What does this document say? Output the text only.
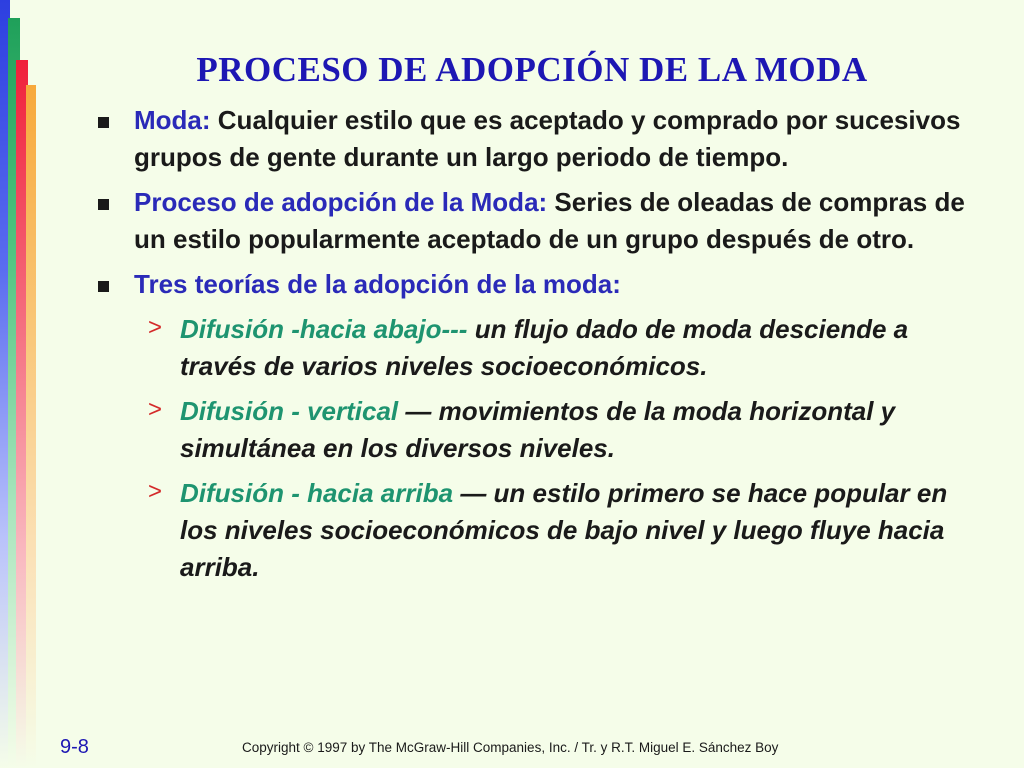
PROCESO DE ADOPCIÓN DE LA MODA
Moda: Cualquier estilo que es aceptado y comprado por sucesivos grupos de gente durante un largo periodo de tiempo.
Proceso de adopción de la Moda: Series de oleadas de compras de un estilo popularmente aceptado de un grupo después de otro.
Tres teorías de la adopción de la moda:
> Difusión -hacia abajo--- un flujo dado de moda desciende a través de varios niveles socioeconómicos.
> Difusión - vertical — movimientos de la moda horizontal y simultánea en los diversos niveles.
> Difusión - hacia arriba — un estilo primero se hace popular en los niveles socioeconómicos de bajo nivel y luego fluye hacia arriba.
9-8	Copyright © 1997 by The McGraw-Hill Companies, Inc. / Tr. y R.T. Miguel E. Sánchez Boy
